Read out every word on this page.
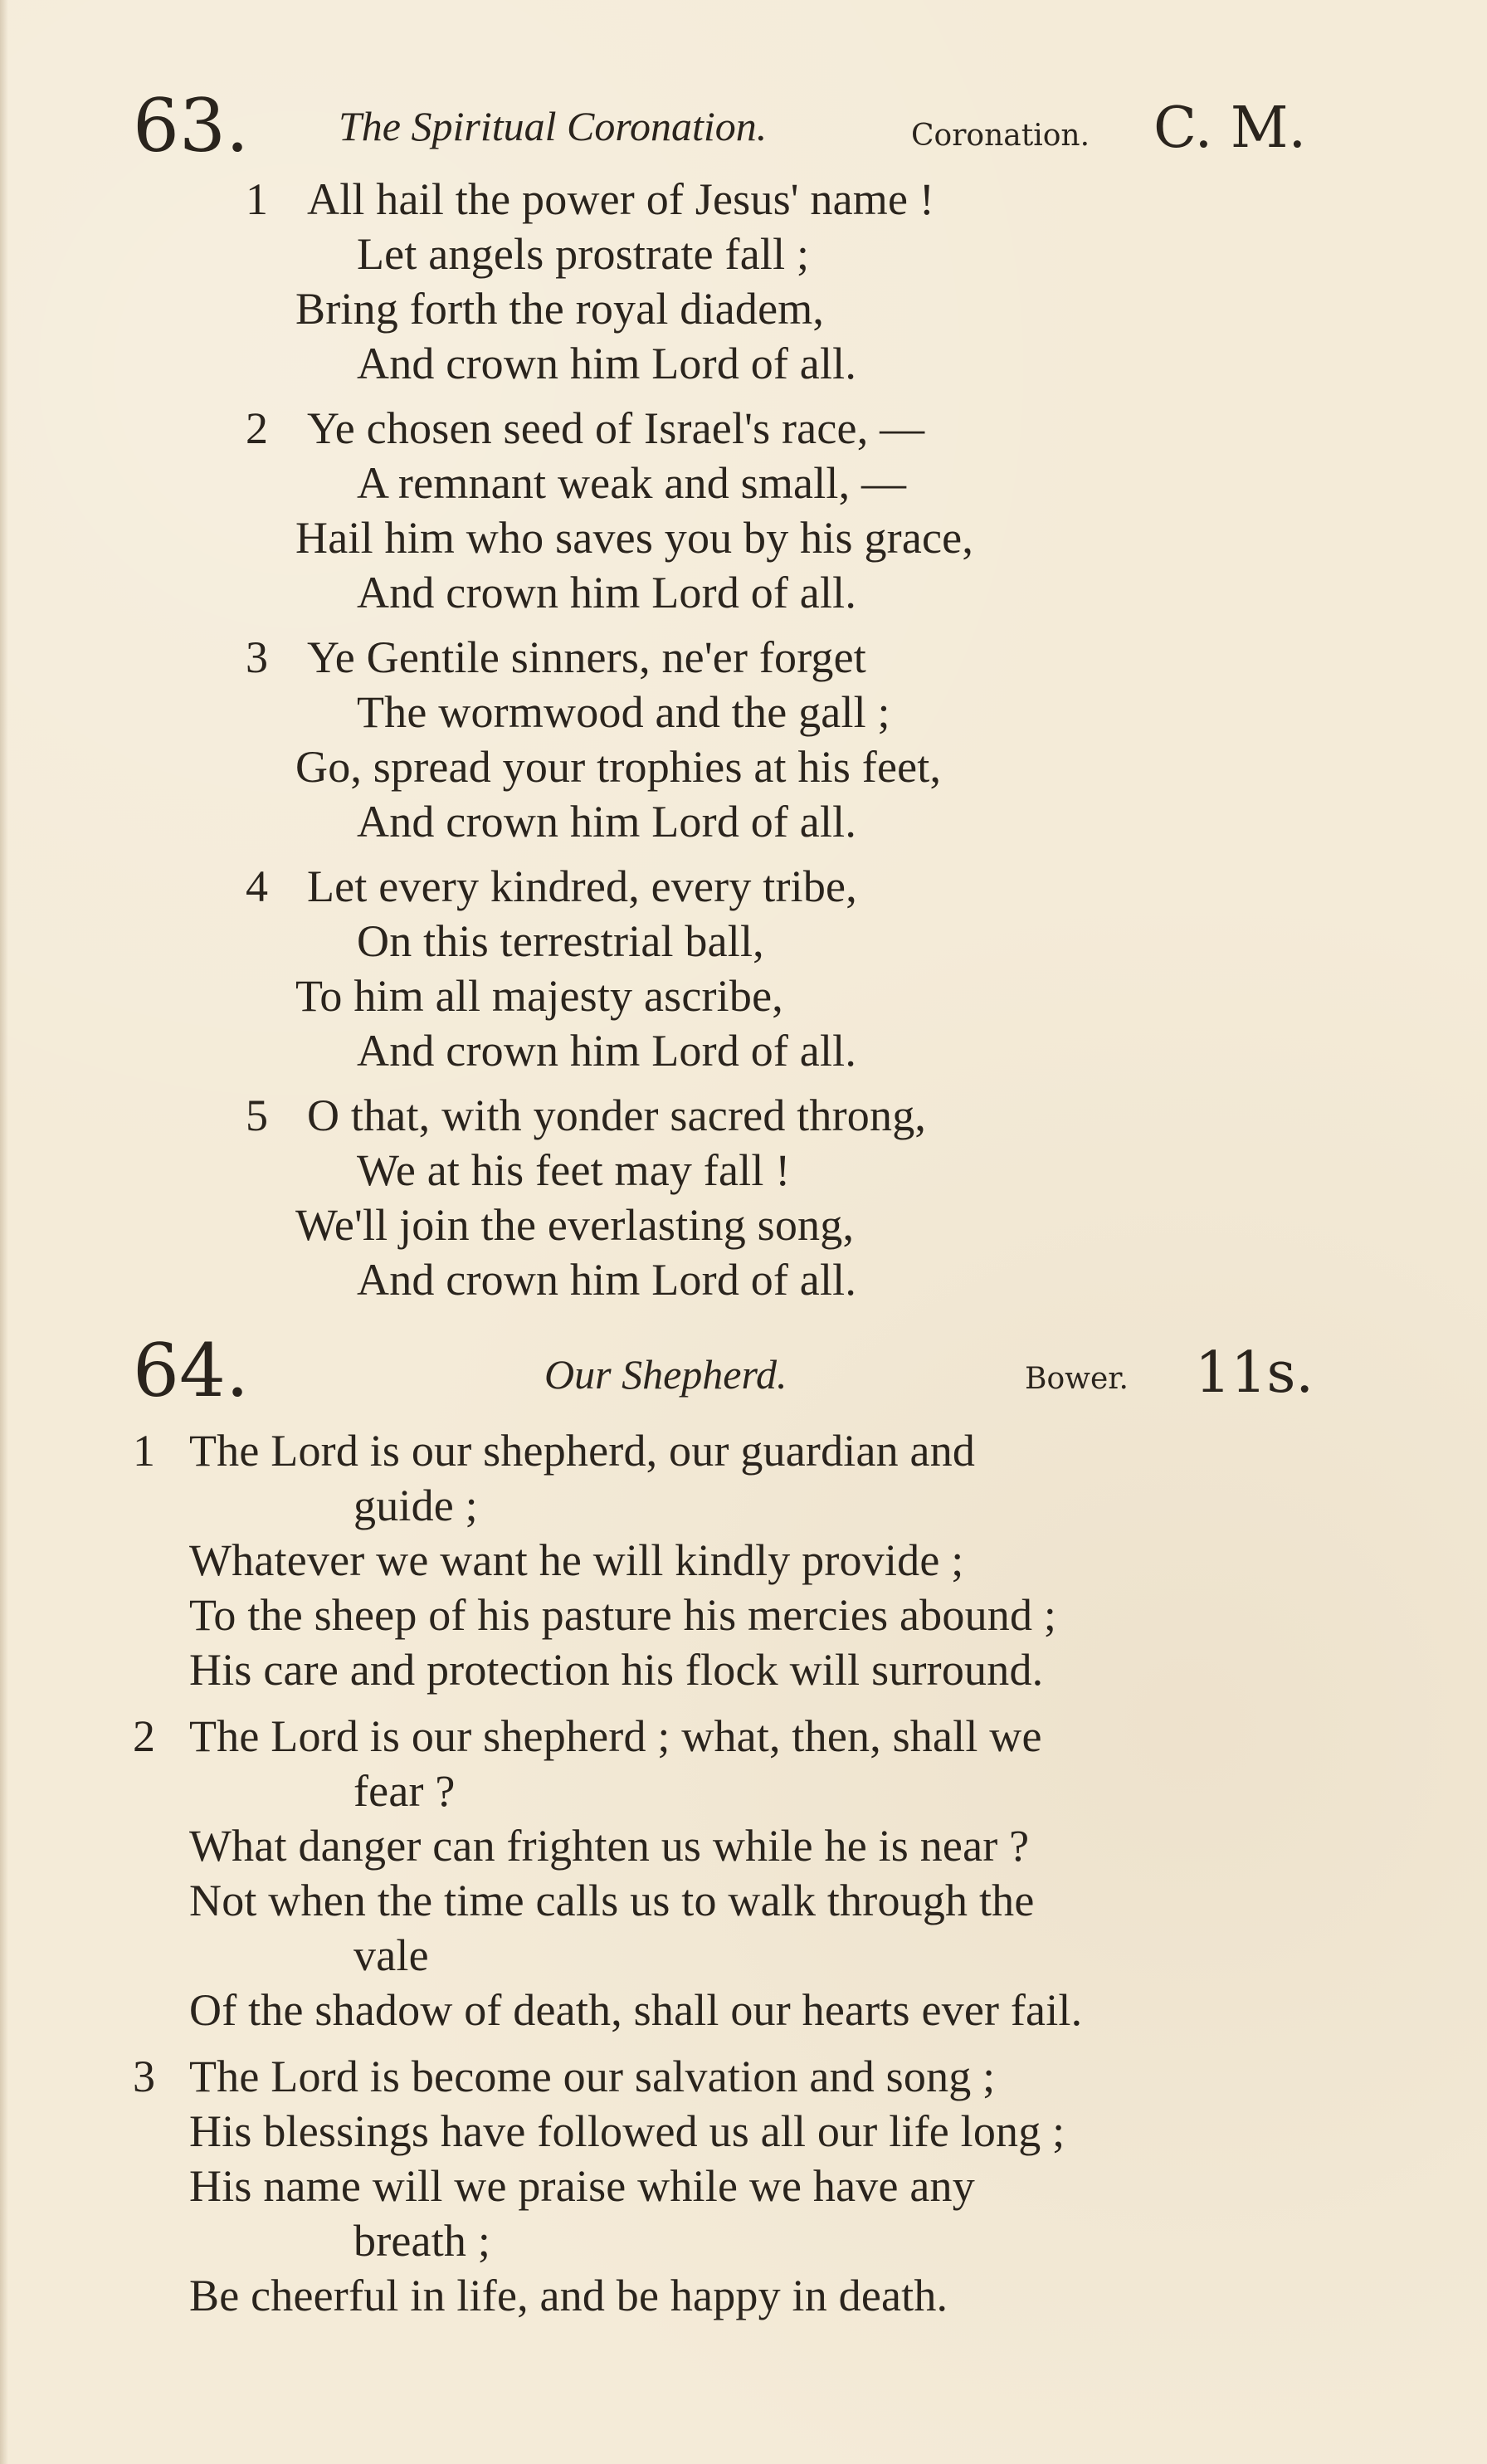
63. The Spiritual Coronation.	Coronation. C. M.
1 All hail the power of Jesus' name !
Let angels prostrate fall ;
Bring forth the royal diadem,
And crown him Lord of all.
2 Ye chosen seed of Israel's race, —
A remnant weak and small, —
Hail him who saves you by his grace,
And crown him Lord of all.
3 Ye Gentile sinners, ne'er forget
The wormwood and the gall ;
Go, spread your trophies at his feet,
And crown him Lord of all.
4 Let every kindred, every tribe,
On this terrestrial ball,
To him all majesty ascribe,
And crown him Lord of all.
5 O that, with yonder sacred throng,
We at his feet may fall !
We'll join the everlasting song,
And crown him Lord of all.
64.	Our Shepherd.	Bower. 11s.
1 The Lord is our shepherd, our guardian and
guide ;
Whatever we want he will kindly provide ;
To the sheep of his pasture his mercies abound ;
His care and protection his flock will surround.
2 The Lord is our shepherd ; what, then, shall we
fear ?
What danger can frighten us while he is near ?
Not when the time calls us to walk through the
vale
Of the shadow of death, shall our hearts ever fail.
3 The Lord is become our salvation and song ;
His blessings have followed us all our life long ;
His name will we praise while we have any
breath ;
Be cheerful in life, and be happy in death.
